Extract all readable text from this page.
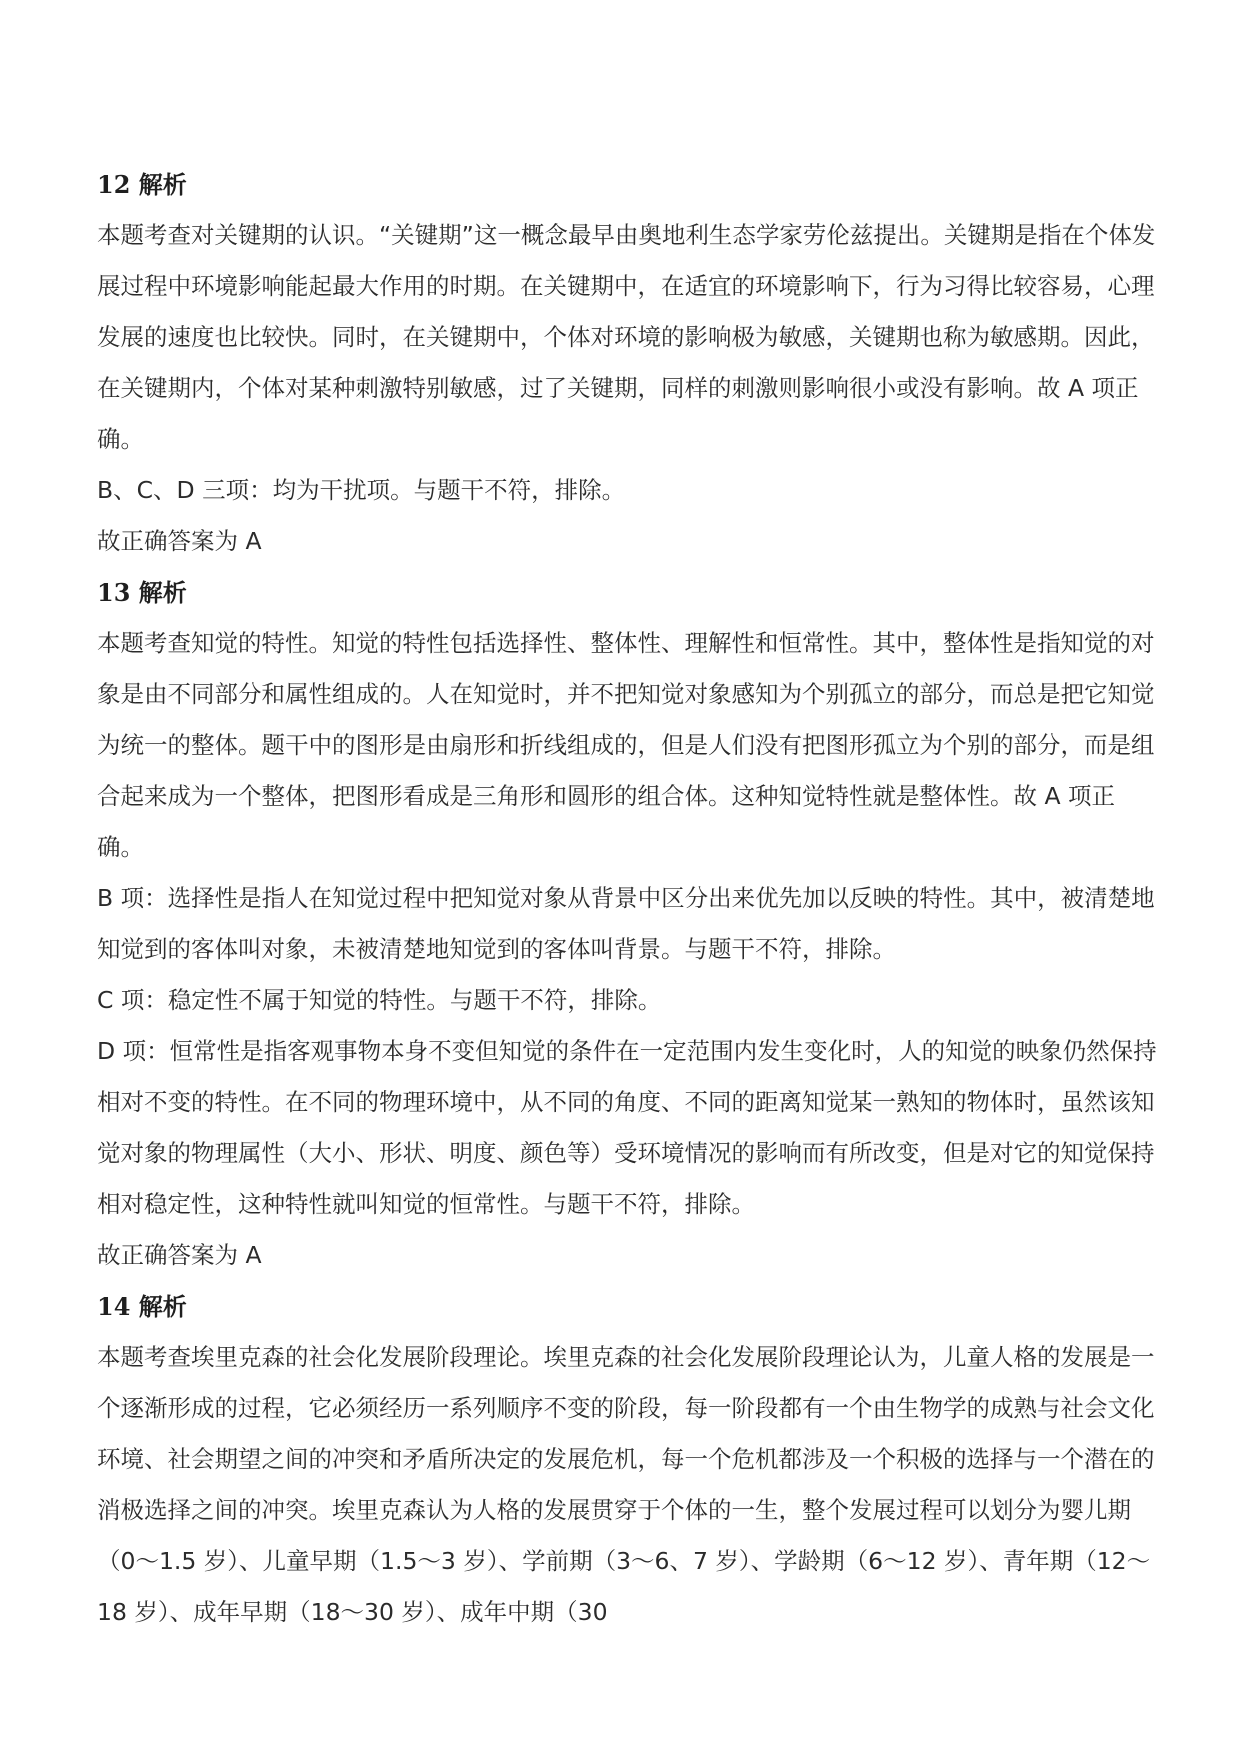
12 解析

本题考查对关键期的认识。“关键期”这一概念最早由奥地利生态学家劳伦兹提出。关键期是指在个体发展过程中环境影响能起最大作用的时期。在关键期中，在适宜的环境影响下，行为习得比较容易，心理发展的速度也比较快。同时，在关键期中，个体对环境的影响极为敏感，关键期也称为敏感期。因此，在关键期内，个体对某种刺激特别敏感，过了关键期，同样的刺激则影响很小或没有影响。故 A 项正确。

B、C、D 三项：均为干扰项。与题干不符，排除。

故正确答案为 A

13 解析

本题考查知觉的特性。知觉的特性包括选择性、整体性、理解性和恒常性。其中，整体性是指知觉的对象是由不同部分和属性组成的。人在知觉时，并不把知觉对象感知为个别孤立的部分，而总是把它知觉为统一的整体。题干中的图形是由扇形和折线组成的，但是人们没有把图形孤立为个别的部分，而是组合起来成为一个整体，把图形看成是三角形和圆形的组合体。这种知觉特性就是整体性。故 A 项正确。

B 项：选择性是指人在知觉过程中把知觉对象从背景中区分出来优先加以反映的特性。其中，被清楚地知觉到的客体叫对象，未被清楚地知觉到的客体叫背景。与题干不符，排除。

C 项：稳定性不属于知觉的特性。与题干不符，排除。

D 项：恒常性是指客观事物本身不变但知觉的条件在一定范围内发生变化时，人的知觉的映象仍然保持相对不变的特性。在不同的物理环境中，从不同的角度、不同的距离知觉某一熟知的物体时，虽然该知觉对象的物理属性（大小、形状、明度、颜色等）受环境情况的影响而有所改变，但是对它的知觉保持相对稳定性，这种特性就叫知觉的恒常性。与题干不符，排除。

故正确答案为 A

14 解析

本题考查埃里克森的社会化发展阶段理论。埃里克森的社会化发展阶段理论认为，儿童人格的发展是一个逐渐形成的过程，它必须经历一系列顺序不变的阶段，每一阶段都有一个由生物学的成熟与社会文化环境、社会期望之间的冲突和矛盾所决定的发展危机，每一个危机都涉及一个积极的选择与一个潜在的消极选择之间的冲突。埃里克森认为人格的发展贯穿于个体的一生，整个发展过程可以划分为婴儿期（0～1.5 岁）、儿童早期（1.5～3 岁）、学前期（3～6、7 岁）、学龄期（6～12 岁）、青年期（12～18 岁）、成年早期（18～30 岁）、成年中期（30
